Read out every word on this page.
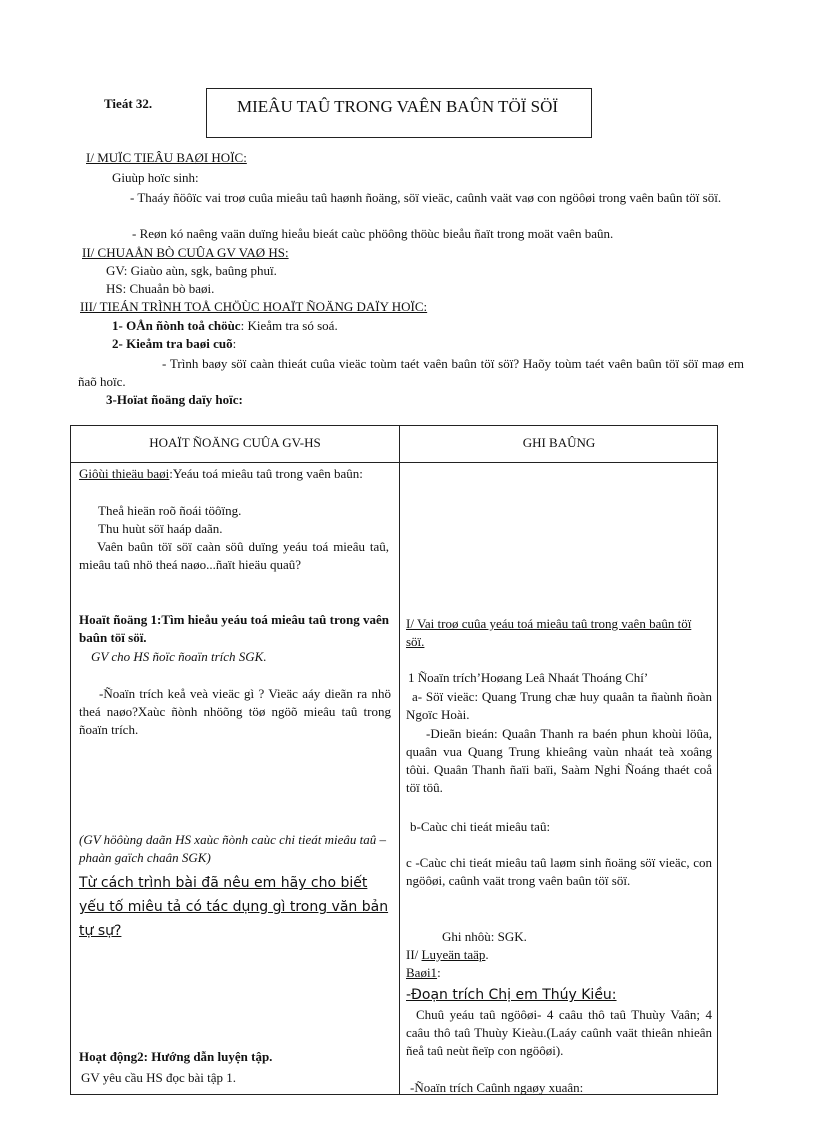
Tieát 32.	MIEÂU TAÛ TRONG VAÊN BAÛN TÖÏ SÖÏ
I/ MUÏC TIEÂU BAØI HOÏC:
Giuùp hoïc sinh:
- Thaáy ñöôïc vai troø cuûa mieâu taû haønh ñoäng, söï vieäc, caûnh vaät vaø con ngöôøi trong vaên baûn töï söï.
- Reøn kó naêng vaän duïng hieåu bieát caùc phöông thöùc bieåu ñaït trong moät vaên baûn.
II/ CHUAÅN BÒ CUÛA GV VAØ HS:
GV: Giaùo aùn, sgk, baûng phuï.
HS: Chuaån bò baøi.
III/ TIEÁN TRÌNH TOÅ CHÖÙC HOAÏT ÑOÄNG DAÏY HOÏC:
1- OÅn ñònh toå chöùc: Kieåm tra só soá.
2- Kieåm tra baøi cuõ:
- Trình baøy söï caàn thieát cuûa vieäc toùm taét vaên baûn töï söï? Haõy toùm taét vaên baûn töï söï maø em ñaõ hoïc.
3-Hoïat ñoäng daïy hoïc:
HOAÏT ÑOÄNG CUÛA GV-HS	GHI BAÛNG
Giôùi thieäu baøi:Yeáu toá mieâu taû trong vaên baûn:
Theå hieän roõ ñoái töôïng.
Thu huùt söï haáp daãn.
Vaên baûn töï söï caàn söû duïng yeáu toá mieâu taû, mieâu taû nhö theá naøo...ñaït hieäu quaû?
Hoaït ñoäng 1:Tìm hieåu yeáu toá mieâu taû trong vaên baûn töï söï.
GV cho HS ñoïc ñoaïn trích SGK.
-Ñoaïn trích keå veà vieäc gì ? Vieäc aáy dieãn ra nhö theá naøo?Xaùc ñònh nhöõng töø ngöõ mieâu taû trong ñoaïn trích.
(GV höôùng daãn HS xaùc ñònh caùc chi tieát mieâu taû –phaàn gaïch chaân SGK)
Từ cách trình bài đã nêu em hãy cho biết yếu tố miêu tả có tác dụng gì trong văn bản tự sự?
Hoạt động2: Hướng dẫn luyện tập.
GV yêu cầu HS đọc bài tập 1.
I/ Vai troø cuûa yeáu toá mieâu taû trong vaên baûn töï söï.
1 Ñoaïn trích’Hoøang Leâ Nhaát Thoáng Chí’
a- Söï vieäc: Quang Trung chæ huy quaân ta ñaùnh ñoàn Ngoïc Hoài.
-Dieãn bieán: Quaân Thanh ra baén phun khoùi löûa, quaân vua Quang Trung khieâng vaùn nhaát teà xoâng tôùi. Quaân Thanh ñaïi baïi, Saàm Nghi Ñoáng thaét coå töï töû.
b-Caùc chi tieát mieâu taû:
c -Caùc chi tieát mieâu taû laøm sinh ñoäng söï vieäc, con ngöôøi, caûnh vaät trong vaên baûn töï söï.
Ghi nhôù: SGK.
II/ Luyeän taäp.
Baøi1:
-Đoạn trích Chị em Thúy Kiều:
Chuû yeáu taû ngöôøi- 4 caâu thô taû Thuùy Vaân; 4 caâu thô taû Thuùy Kieàu.(Laáy caûnh vaät thieân nhieân ñeå taû neùt ñeïp con ngöôøi).
-Ñoaïn trích Caûnh ngaøy xuaân:
